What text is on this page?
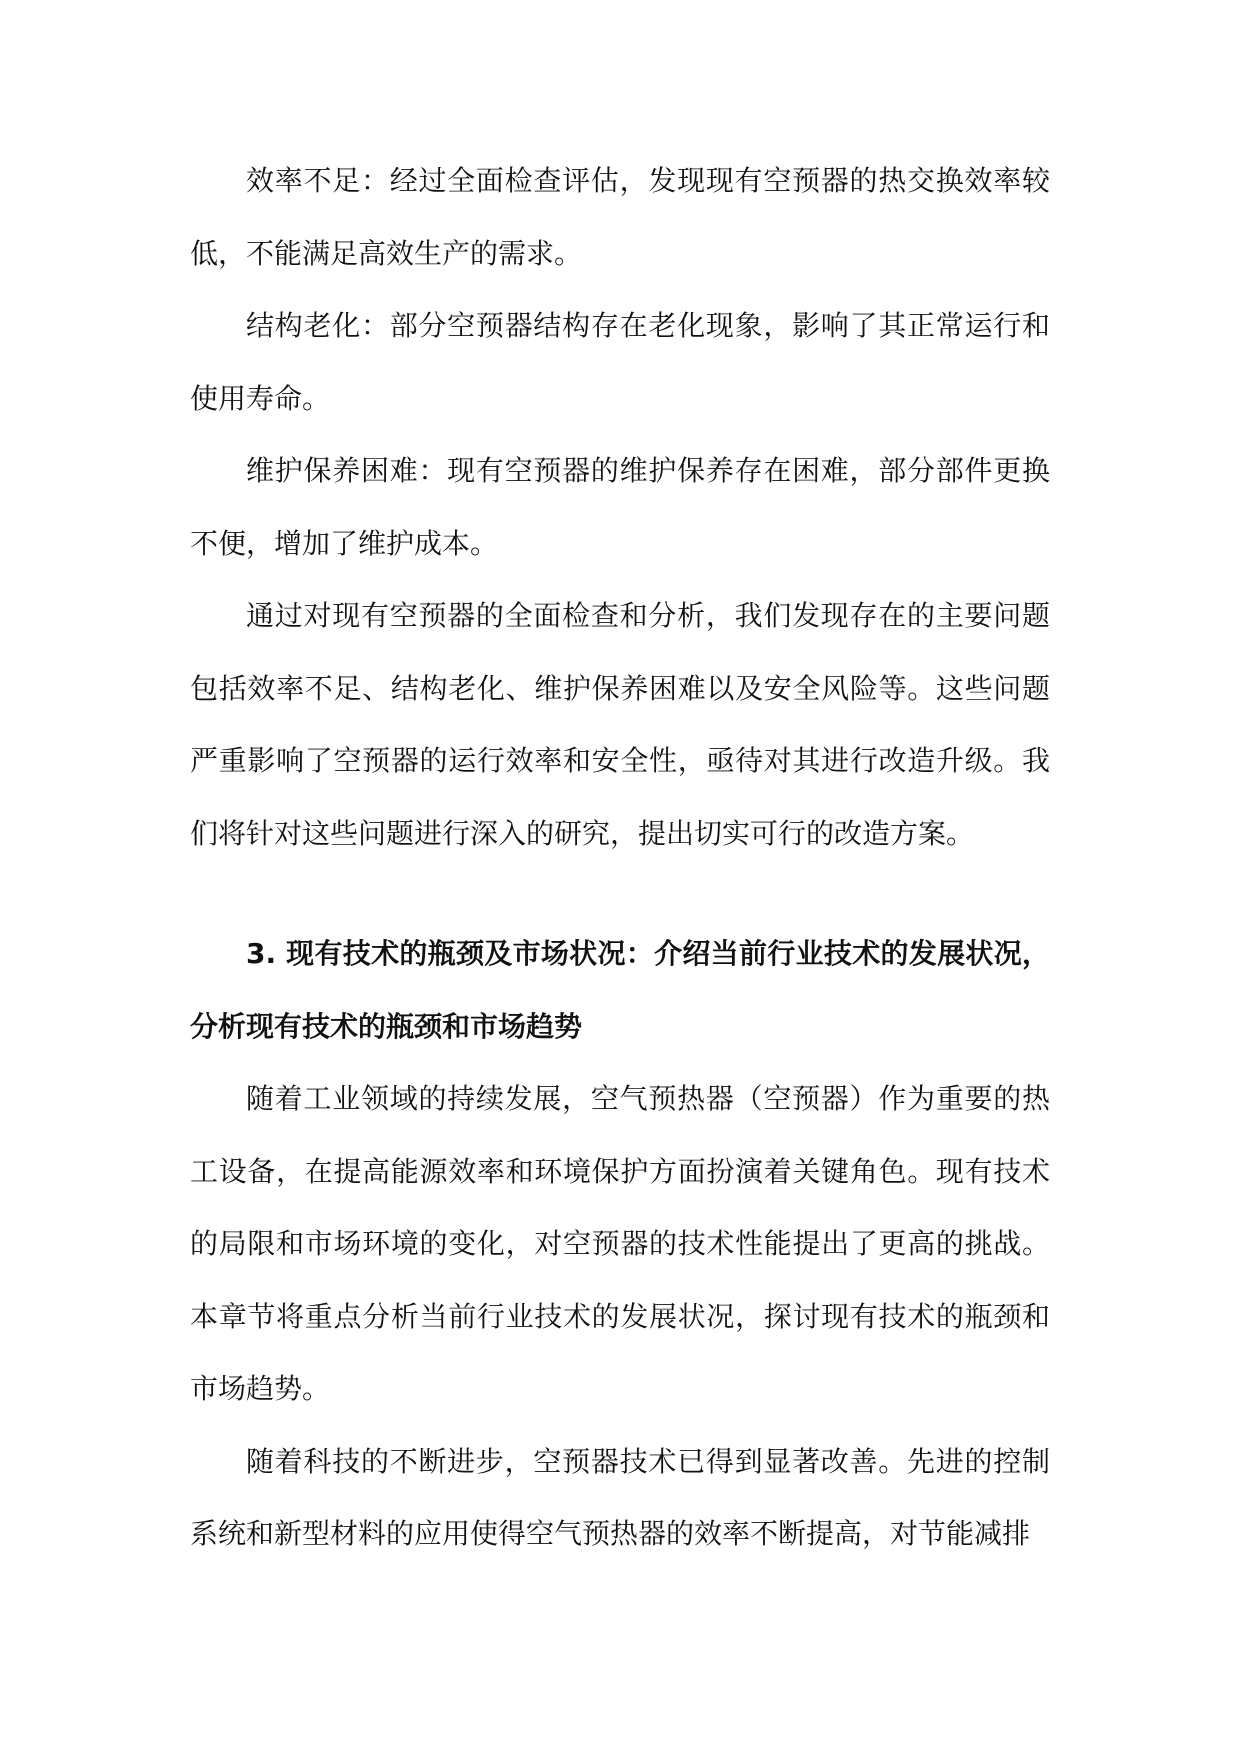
效率不足：经过全面检查评估，发现现有空预器的热交换效率较低，不能满足高效生产的需求。

结构老化：部分空预器结构存在老化现象，影响了其正常运行和使用寿命。

维护保养困难：现有空预器的维护保养存在困难，部分部件更换不便，增加了维护成本。

通过对现有空预器的全面检查和分析，我们发现存在的主要问题包括效率不足、结构老化、维护保养困难以及安全风险等。这些问题严重影响了空预器的运行效率和安全性，亟待对其进行改造升级。我们将针对这些问题进行深入的研究，提出切实可行的改造方案。

3. 现有技术的瓶颈及市场状况：介绍当前行业技术的发展状况，分析现有技术的瓶颈和市场趋势

随着工业领域的持续发展，空气预热器（空预器）作为重要的热工设备，在提高能源效率和环境保护方面扮演着关键角色。现有技术的局限和市场环境的变化，对空预器的技术性能提出了更高的挑战。本章节将重点分析当前行业技术的发展状况，探讨现有技术的瓶颈和市场趋势。

随着科技的不断进步，空预器技术已得到显著改善。先进的控制系统和新型材料的应用使得空气预热器的效率不断提高，对节能减排
